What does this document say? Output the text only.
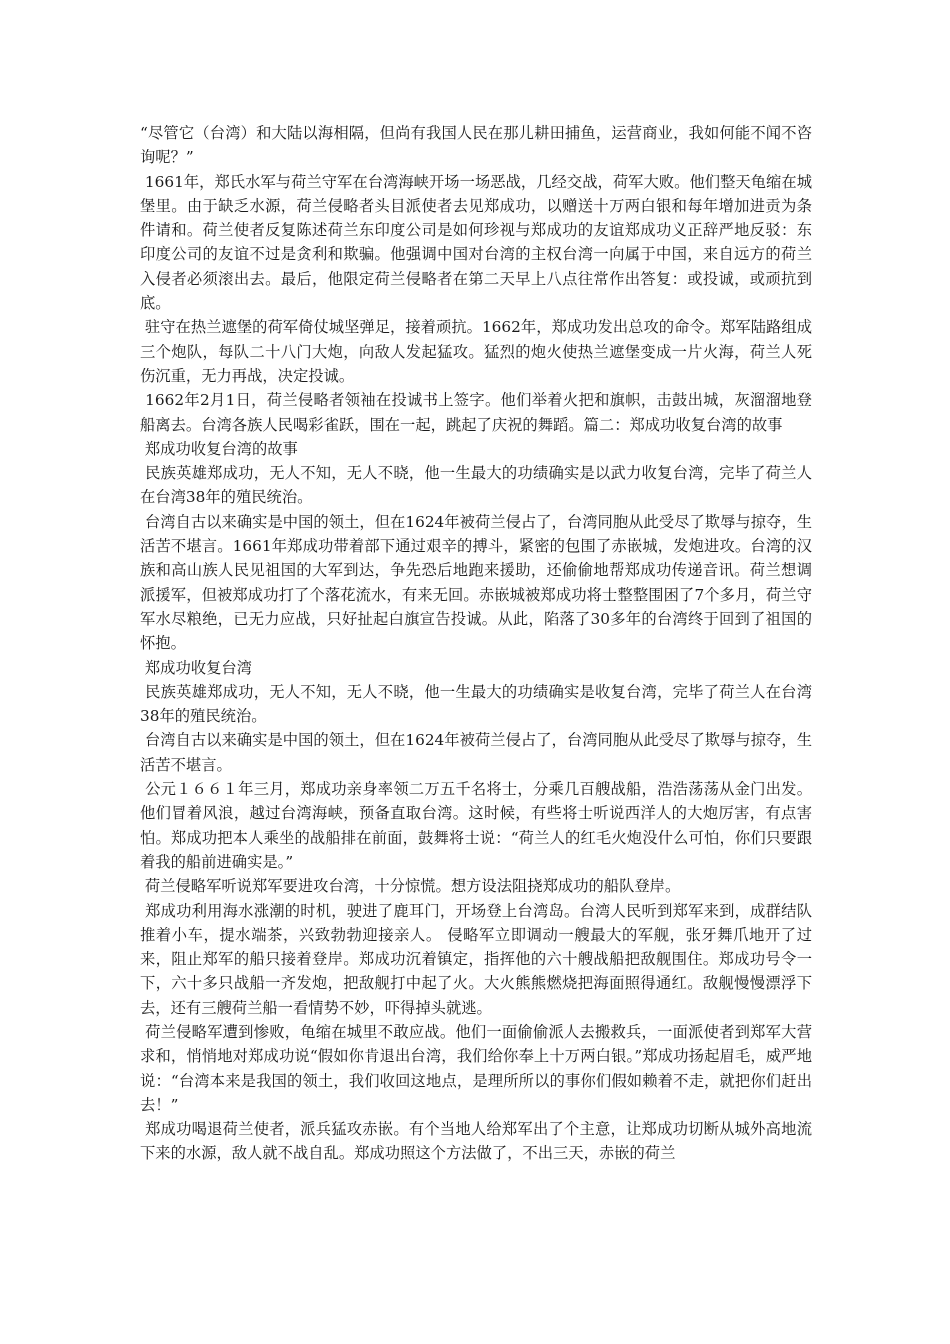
“尽管它（台湾）和大陆以海相隔，但尚有我国人民在那儿耕田捕鱼，运营商业，我如何能不闻不咨询呢？”

1661年，郑氏水军与荷兰守军在台湾海峡开场一场恶战，几经交战，荷军大败。他们整天龟缩在城堡里。由于缺乏水源，荷兰侵略者头目派使者去见郑成功，以赠送十万两白银和每年增加进贡为条件请和。荷兰使者反复陈述荷兰东印度公司是如何珍视与郑成功的友谊郑成功义正辞严地反驳：东印度公司的友谊不过是贪利和欺骗。他强调中国对台湾的主权台湾一向属于中国，来自远方的荷兰入侵者必须滚出去。最后，他限定荷兰侵略者在第二天早上八点往常作出答复：或投诚，或顽抗到底。

驻守在热兰遮堡的荷军倚仗城坚弹足，接着顽抗。1662年，郑成功发出总攻的命令。郑军陆路组成三个炮队，每队二十八门大炮，向敌人发起猛攻。猛烈的炮火使热兰遮堡变成一片火海，荷兰人死伤沉重，无力再战，决定投诚。

1662年2月1日，荷兰侵略者领袖在投诚书上签字。他们举着火把和旗帜，击鼓出城，灰溜溜地登船离去。台湾各族人民喝彩雀跃，围在一起，跳起了庆祝的舞蹈。篇二：郑成功收复台湾的故事

郑成功收复台湾的故事

民族英雄郑成功，无人不知，无人不晓，他一生最大的功绩确实是以武力收复台湾，完毕了荷兰人在台湾38年的殖民统治。

台湾自古以来确实是中国的领土，但在1624年被荷兰侵占了，台湾同胞从此受尽了欺辱与掠夺，生活苦不堪言。1661年郑成功带着部下通过艰辛的搏斗，紧密的包围了赤嵌城，发炮进攻。台湾的汉族和高山族人民见祖国的大军到达，争先恐后地跑来援助，还偷偷地帮郑成功传递音讯。荷兰想调派援军，但被郑成功打了个落花流水，有来无回。赤嵌城被郑成功将士整整围困了7个多月，荷兰守军水尽粮绝，已无力应战，只好扯起白旗宣告投诚。从此，陷落了30多年的台湾终于回到了祖国的怀抱。

郑成功收复台湾

民族英雄郑成功，无人不知，无人不晓，他一生最大的功绩确实是收复台湾，完毕了荷兰人在台湾38年的殖民统治。

台湾自古以来确实是中国的领土，但在1624年被荷兰侵占了，台湾同胞从此受尽了欺辱与掠夺，生活苦不堪言。

公元１６６１年三月，郑成功亲身率领二万五千名将士，分乘几百艘战船，浩浩荡荡从金门出发。他们冒着风浪，越过台湾海峡，预备直取台湾。这时候，有些将士听说西洋人的大炮厉害，有点害怕。郑成功把本人乘坐的战船排在前面，鼓舞将士说：“荷兰人的红毛火炮没什么可怕，你们只要跟着我的船前进确实是。”

荷兰侵略军听说郑军要进攻台湾，十分惊慌。想方设法阻挠郑成功的船队登岸。

郑成功利用海水涨潮的时机，驶进了鹿耳门，开场登上台湾岛。台湾人民听到郑军来到，成群结队推着小车，提水端茶，兴致勃勃迎接亲人。 侵略军立即调动一艘最大的军舰，张牙舞爪地开了过来，阻止郑军的船只接着登岸。郑成功沉着镇定，指挥他的六十艘战船把敌舰围住。郑成功号令一下，六十多只战船一齐发炮，把敌舰打中起了火。大火熊熊燃烧把海面照得通红。敌舰慢慢漂浮下去，还有三艘荷兰船一看情势不妙，吓得掉头就逃。

荷兰侵略军遭到惨败，龟缩在城里不敢应战。他们一面偷偷派人去搬救兵，一面派使者到郑军大营求和，悄悄地对郑成功说“假如你肯退出台湾，我们给你奉上十万两白银。”郑成功扬起眉毛，威严地说：“台湾本来是我国的领土，我们收回这地点，是理所所以的事你们假如赖着不走，就把你们赶出去！”

郑成功喝退荷兰使者，派兵猛攻赤嵌。有个当地人给郑军出了个主意，让郑成功切断从城外高地流下来的水源，敌人就不战自乱。郑成功照这个方法做了，不出三天，赤嵌的荷兰
